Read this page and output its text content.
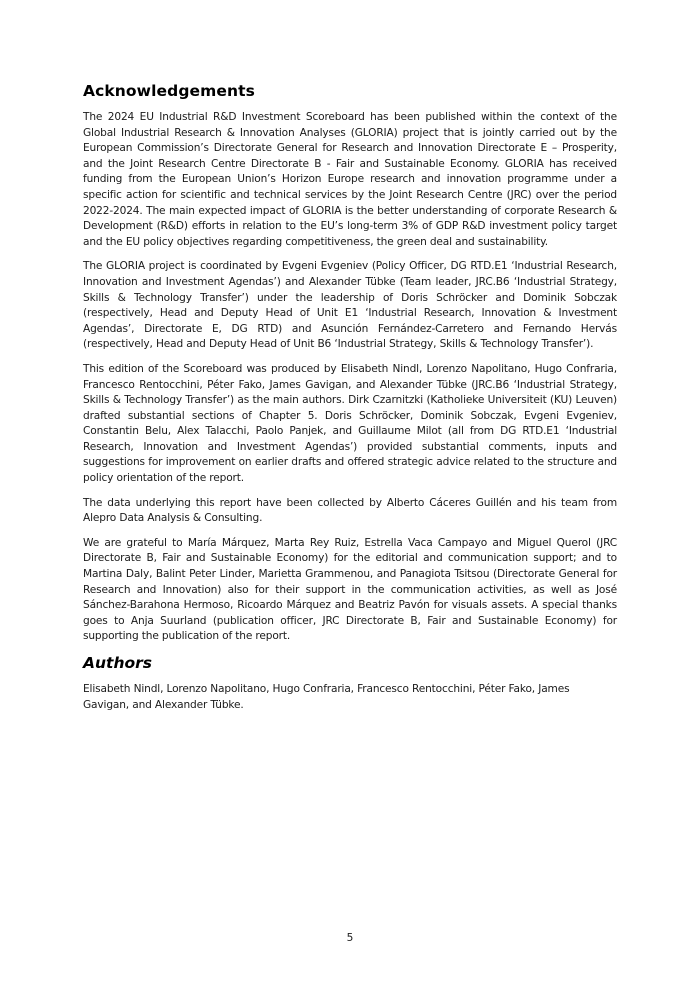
Acknowledgements

The 2024 EU Industrial R&D Investment Scoreboard has been published within the context of the Global Industrial Research & Innovation Analyses (GLORIA) project that is jointly carried out by the European Commission’s Directorate General for Research and Innovation Directorate E – Prosperity, and the Joint Research Centre Directorate B - Fair and Sustainable Economy. GLORIA has received funding from the European Union’s Horizon Europe research and innovation programme under a specific action for scientific and technical services by the Joint Research Centre (JRC) over the period 2022-2024. The main expected impact of GLORIA is the better understanding of corporate Research & Development (R&D) efforts in relation to the EU’s long-term 3% of GDP R&D investment policy target and the EU policy objectives regarding competitiveness, the green deal and sustainability.

The GLORIA project is coordinated by Evgeni Evgeniev (Policy Officer, DG RTD.E1 ‘Industrial Research, Innovation and Investment Agendas’) and Alexander Tübke (Team leader, JRC.B6 ‘Industrial Strategy, Skills & Technology Transfer’) under the leadership of Doris Schröcker and Dominik Sobczak (respectively, Head and Deputy Head of Unit E1 ‘Industrial Research, Innovation & Investment Agendas’, Directorate E, DG RTD) and Asunción Fernández-Carretero and Fernando Hervás (respectively, Head and Deputy Head of Unit B6 ‘Industrial Strategy, Skills & Technology Transfer’).

This edition of the Scoreboard was produced by Elisabeth Nindl, Lorenzo Napolitano, Hugo Confraria, Francesco Rentocchini, Péter Fako, James Gavigan, and Alexander Tübke (JRC.B6 ‘Industrial Strategy, Skills & Technology Transfer’) as the main authors. Dirk Czarnitzki (Katholieke Universiteit (KU) Leuven) drafted substantial sections of Chapter 5. Doris Schröcker, Dominik Sobczak, Evgeni Evgeniev, Constantin Belu, Alex Talacchi, Paolo Panjek, and Guillaume Milot (all from DG RTD.E1 ‘Industrial Research, Innovation and Investment Agendas’) provided substantial comments, inputs and suggestions for improvement on earlier drafts and offered strategic advice related to the structure and policy orientation of the report.

The data underlying this report have been collected by Alberto Cáceres Guillén and his team from Alepro Data Analysis & Consulting.

We are grateful to María Márquez, Marta Rey Ruiz, Estrella Vaca Campayo and Miguel Querol (JRC Directorate B, Fair and Sustainable Economy) for the editorial and communication support; and to Martina Daly, Balint Peter Linder, Marietta Grammenou, and Panagiota Tsitsou (Directorate General for Research and Innovation) also for their support in the communication activities, as well as José Sánchez-Barahona Hermoso, Ricoardo Márquez and Beatriz Pavón for visuals assets. A special thanks goes to Anja Suurland (publication officer, JRC Directorate B, Fair and Sustainable Economy) for supporting the publication of the report.

Authors

Elisabeth Nindl, Lorenzo Napolitano, Hugo Confraria, Francesco Rentocchini, Péter Fako, James Gavigan, and Alexander Tübke.

5
